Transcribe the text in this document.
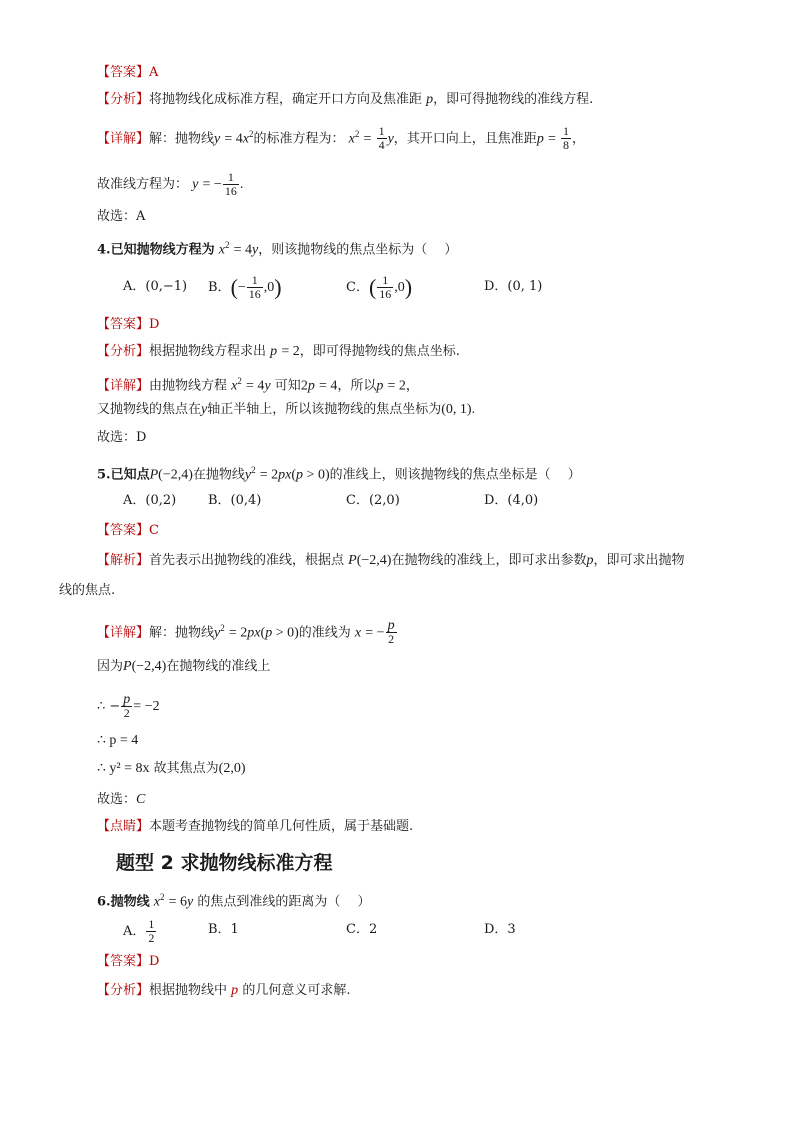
【答案】A
【分析】将抛物线化成标准方程，确定开口方向及焦准距 p，即可得抛物线的准线方程.
【详解】解：抛物线$y = 4x^2$的标准方程为： $x^2 = \frac{1}{4}$ y，其开口向上，且焦准距$p = \frac{1}{8}$ ，
故准线方程为： y = − $\frac{1}{16}$ .
故选：A
4.已知抛物线方程为 $x^2 = 4y$，则该抛物线的焦点坐标为（　 ）
A．(0,−1) B．(− $\frac{1}{16} ,0$)	C．( $\frac{1}{16} ,0$)	D．(0, 1)
【答案】D
【分析】根据抛物线方程求出 p = 2，即可得抛物线的焦点坐标.
【详解】由抛物线方程 $x^2 = 4y$ 可知2p = 4，所以p = 2，
又抛物线的焦点在y轴正半轴上，所以该抛物线的焦点坐标为(0, 1).
故选：D
5.已知点P(−2,4)在抛物线$y^2 = 2px(p > 0)$的准线上，则该抛物线的焦点坐标是（　 ）
A．(0,2) B．(0,4)	C．(2,0)	D．(4,0)
【答案】C
【解析】首先表示出抛物线的准线，根据点 P(−2,4)在抛物线的准线上，即可求出参数p，即可求出抛物
线的焦点.
【详解】解：抛物线$y^2 = 2px(p > 0)$的准线为 x = − $\frac{p}{2}$
因为P(−2,4)在抛物线的准线上
∴ − $\frac{p}{2} = -2$
∴ p = 4
∴ y² = 8x 故其焦点为(2,0)
故选：C
【点睛】本题考查抛物线的简单几何性质，属于基础题.
题型 2 求抛物线标准方程
6.抛物线 $x^2 = 6y$ 的焦点到准线的距离为（　 ）
A． $\frac{1}{2}$	B．1	C．2	D．3
【答案】D
【分析】根据抛物线中 p 的几何意义可求解.
